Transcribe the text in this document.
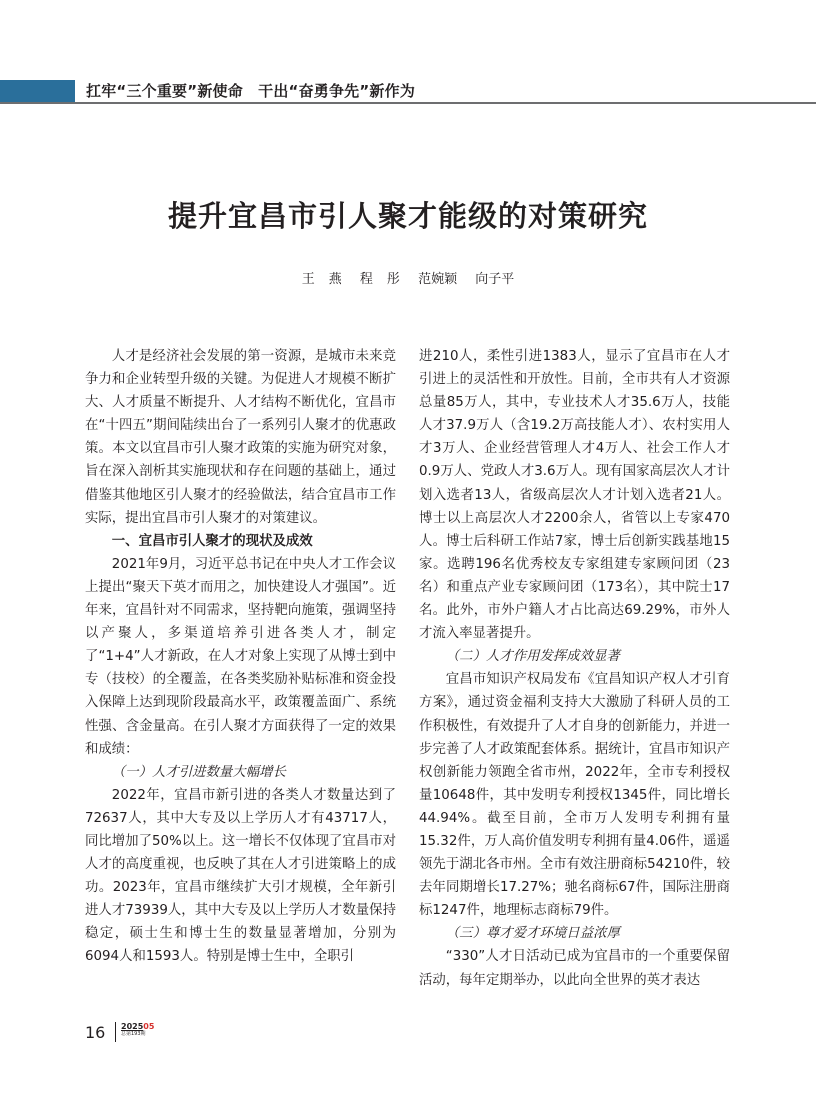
扛牢“三个重要”新使命　干出“奋勇争先”新作为
提升宜昌市引人聚才能级的对策研究
王燕 程彤 范婉颖 向子平

人才是经济社会发展的第一资源，是城市未来竞争力和企业转型升级的关键。为促进人才规模不断扩大、人才质量不断提升、人才结构不断优化，宜昌市在“十四五”期间陆续出台了一系列引人聚才的优惠政策。本文以宜昌市引人聚才政策的实施为研究对象，旨在深入剖析其实施现状和存在问题的基础上，通过借鉴其他地区引人聚才的经验做法，结合宜昌市工作实际，提出宜昌市引人聚才的对策建议。

一、宜昌市引人聚才的现状及成效

2021年9月，习近平总书记在中央人才工作会议上提出“聚天下英才而用之，加快建设人才强国”。近年来，宜昌针对不同需求，坚持靶向施策，强调坚持以产聚人，多渠道培养引进各类人才，制定了“1+4”人才新政，在人才对象上实现了从博士到中专（技校）的全覆盖，在各类奖励补贴标准和资金投入保障上达到现阶段最高水平，政策覆盖面广、系统性强、含金量高。在引人聚才方面获得了一定的效果和成绩：

（一）人才引进数量大幅增长

2022年，宜昌市新引进的各类人才数量达到了72637人，其中大专及以上学历人才有43717人，同比增加了50%以上。这一增长不仅体现了宜昌市对人才的高度重视，也反映了其在人才引进策略上的成功。2023年，宜昌市继续扩大引才规模，全年新引进人才73939人，其中大专及以上学历人才数量保持稳定，硕士生和博士生的数量显著增加，分别为6094人和1593人。特别是博士生中，全职引

进210人，柔性引进1383人，显示了宜昌市在人才引进上的灵活性和开放性。目前，全市共有人才资源总量85万人，其中，专业技术人才35.6万人，技能人才37.9万人（含19.2万高技能人才）、农村实用人才3万人、企业经营管理人才4万人、社会工作人才0.9万人、党政人才3.6万人。现有国家高层次人才计划入选者13人，省级高层次人才计划入选者21人。博士以上高层次人才2200余人，省管以上专家470人。博士后科研工作站7家，博士后创新实践基地15家。选聘196名优秀校友专家组建专家顾问团（23名）和重点产业专家顾问团（173名），其中院士17名。此外，市外户籍人才占比高达69.29%，市外人才流入率显著提升。

（二）人才作用发挥成效显著

宜昌市知识产权局发布《宜昌知识产权人才引育方案》，通过资金福利支持大大激励了科研人员的工作积极性，有效提升了人才自身的创新能力，并进一步完善了人才政策配套体系。据统计，宜昌市知识产权创新能力领跑全省市州，2022年，全市专利授权量10648件，其中发明专利授权1345件，同比增长44.94%。截至目前，全市万人发明专利拥有量15.32件，万人高价值发明专利拥有量4.06件，遥遥领先于湖北各市州。全市有效注册商标54210件，较去年同期增长17.27%；驰名商标67件，国际注册商标1247件，地理标志商标79件。

（三）尊才爱才环境日益浓厚

“330”人才日活动已成为宜昌市的一个重要保留活动，每年定期举办，以此向全世界的英才表达

16 202505
总第193期
